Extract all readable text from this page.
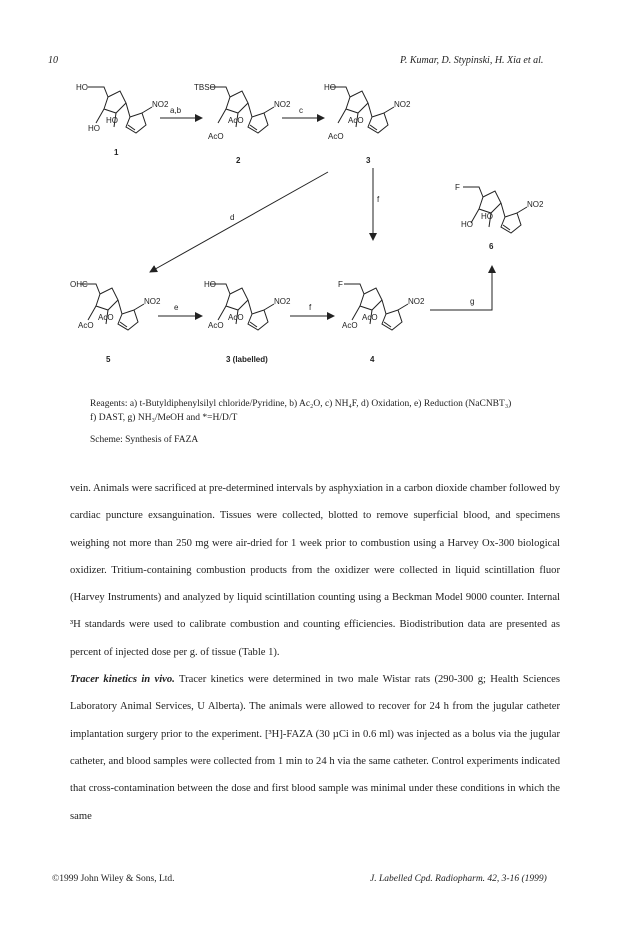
10	P. Kumar, D. Stypinski, H. Xia et al.
HO
HO
HO
NO2
1
TBSO
AcO
AcO
NO2
2
HO
AcO
AcO
NO2
3
F
HO
HO
NO2
6
OHC
AcO
AcO
NO2
5
HO
AcO
AcO
NO2
3 (labelled)
F
AcO
AcO
NO2
4
a,b	c
d
f
e	f
g
Reagents: a) t-Butyldiphenylsilyl chloride/Pyridine, b) Ac₂O, c) NH₄F, d) Oxidation, e) Reduction (NaCNBT₃)
f) DAST, g) NH₃/MeOH and *=H/D/T
Scheme: Synthesis of FAZA

vein. Animals were sacrificed at pre-determined intervals by asphyxiation in a carbon dioxide chamber followed by cardiac puncture exsanguination. Tissues were collected, blotted to remove superficial blood, and specimens weighing not more than 250 mg were air-dried for 1 week prior to combustion using a Harvey Ox-300 biological oxidizer. Tritium-containing combustion products from the oxidizer were collected in liquid scintillation fluor (Harvey Instruments) and analyzed by liquid scintillation counting using a Beckman Model 9000 counter. Internal ³H standards were used to calibrate combustion and counting efficiencies. Biodistribution data are presented as percent of injected dose per g. of tissue (Table 1).

Tracer kinetics in vivo. Tracer kinetics were determined in two male Wistar rats (290-300 g; Health Sciences Laboratory Animal Services, U Alberta). The animals were allowed to recover for 24 h from the jugular catheter implantation surgery prior to the experiment. [³H]-FAZA (30 µCi in 0.6 ml) was injected as a bolus via the jugular catheter, and blood samples were collected from 1 min to 24 h via the same catheter. Control experiments indicated that cross-contamination between the dose and first blood sample was minimal under these conditions in which the same

©1999 John Wiley & Sons, Ltd.	J. Labelled Cpd. Radiopharm. 42, 3-16 (1999)
